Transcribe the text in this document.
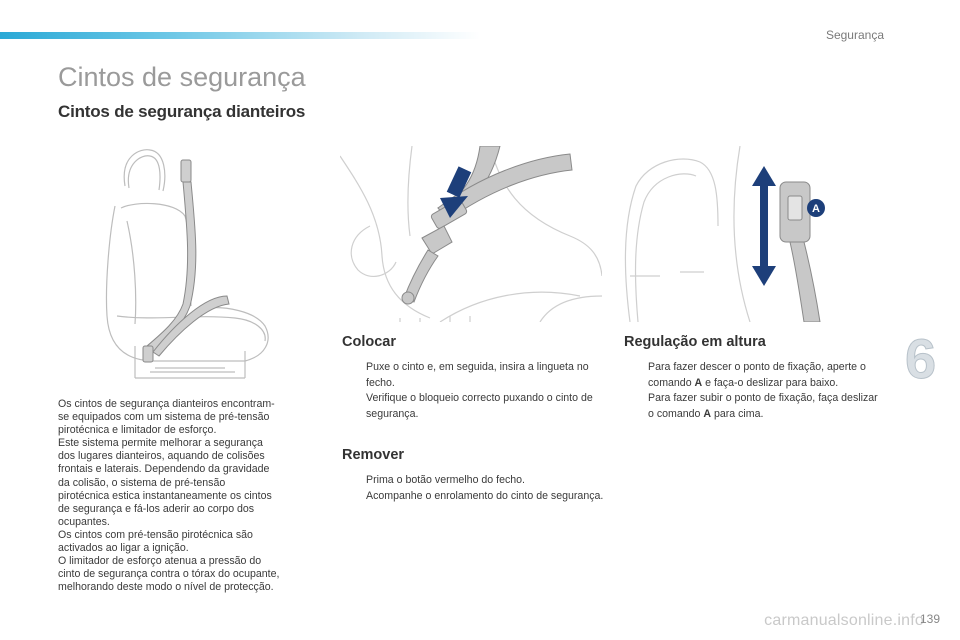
Segurança
Cintos de segurança
Cintos de segurança dianteiros
A
Os cintos de segurança dianteiros encontram-
se equipados com um sistema de pré-tensão
pirotécnica e limitador de esforço.
Este sistema permite melhorar a segurança
dos lugares dianteiros, aquando de colisões
frontais e laterais. Dependendo da gravidade
da colisão, o sistema de pré-tensão
pirotécnica estica instantaneamente os cintos
de segurança e fá-los aderir ao corpo dos
ocupantes.
Os cintos com pré-tensão pirotécnica são
activados ao ligar a ignição.
O limitador de esforço atenua a pressão do
cinto de segurança contra o tórax do ocupante,
melhorando deste modo o nível de protecção.
Colocar
Puxe o cinto e, em seguida, insira a lingueta no fecho.
Verifique o bloqueio correcto puxando o cinto de segurança.
Remover
Prima o botão vermelho do fecho.
Acompanhe o enrolamento do cinto de segurança.
Regulação em altura
Para fazer descer o ponto de fixação, aperte o comando A e faça-o deslizar para baixo.
Para fazer subir o ponto de fixação, faça deslizar o comando A para cima.
6
carmanualsonline.info
139
